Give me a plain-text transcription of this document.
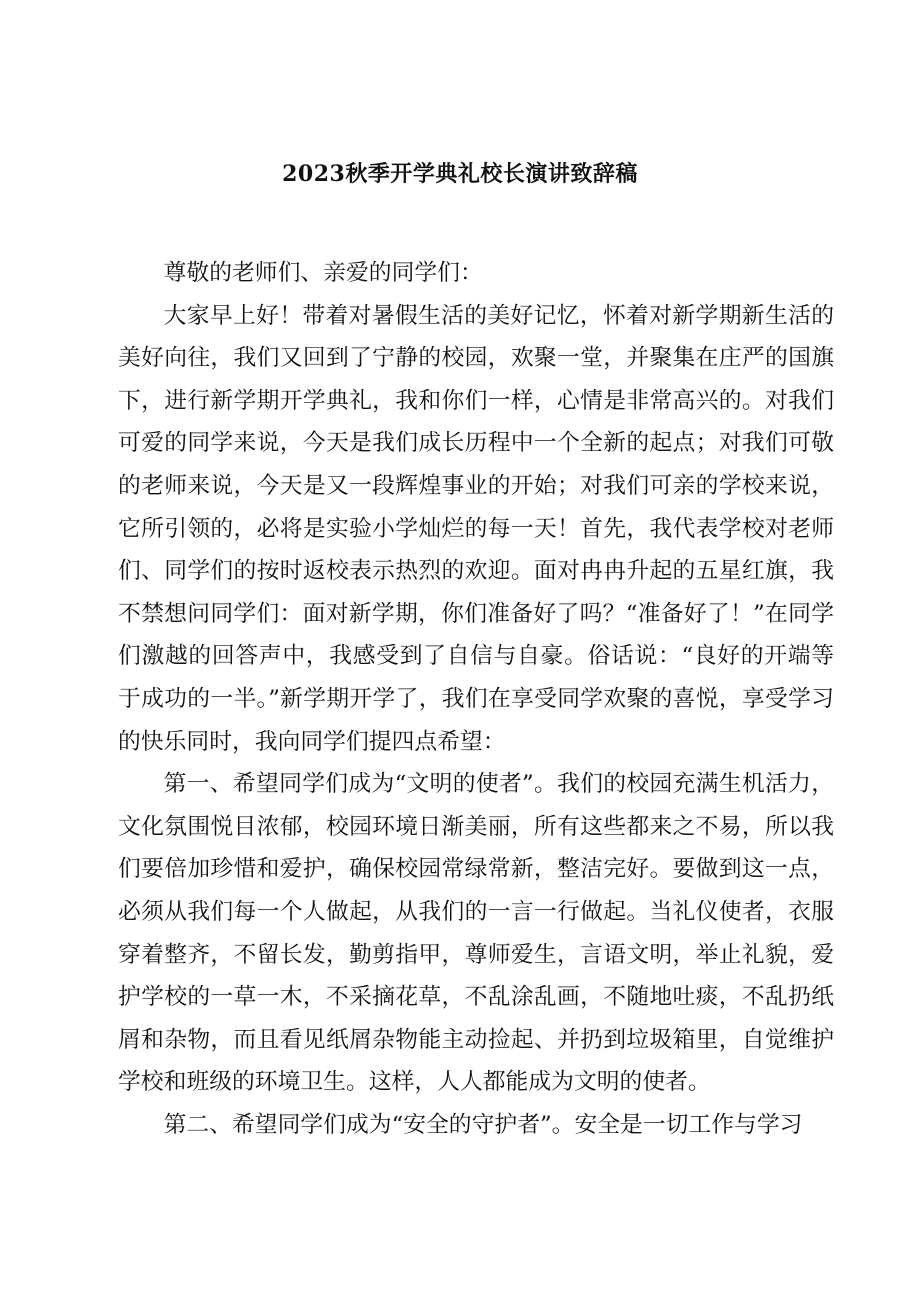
2023秋季开学典礼校长演讲致辞稿

尊敬的老师们、亲爱的同学们：

大家早上好！带着对暑假生活的美好记忆，怀着对新学期新生活的美好向往，我们又回到了宁静的校园，欢聚一堂，并聚集在庄严的国旗下，进行新学期开学典礼，我和你们一样，心情是非常高兴的。对我们可爱的同学来说，今天是我们成长历程中一个全新的起点；对我们可敬的老师来说，今天是又一段辉煌事业的开始；对我们可亲的学校来说，它所引领的，必将是实验小学灿烂的每一天！首先，我代表学校对老师们、同学们的按时返校表示热烈的欢迎。面对冉冉升起的五星红旗，我不禁想问同学们：面对新学期，你们准备好了吗？“准备好了！”在同学们激越的回答声中，我感受到了自信与自豪。俗话说：“良好的开端等于成功的一半。”新学期开学了，我们在享受同学欢聚的喜悦，享受学习的快乐同时，我向同学们提四点希望：

第一、希望同学们成为“文明的使者”。我们的校园充满生机活力，文化氛围悦目浓郁，校园环境日渐美丽，所有这些都来之不易，所以我们要倍加珍惜和爱护，确保校园常绿常新，整洁完好。要做到这一点，必须从我们每一个人做起，从我们的一言一行做起。当礼仪使者，衣服穿着整齐，不留长发，勤剪指甲，尊师爱生，言语文明，举止礼貌，爱护学校的一草一木，不采摘花草，不乱涂乱画，不随地吐痰，不乱扔纸屑和杂物，而且看见纸屑杂物能主动捡起、并扔到垃圾箱里，自觉维护学校和班级的环境卫生。这样，人人都能成为文明的使者。

第二、希望同学们成为“安全的守护者”。安全是一切工作与学习
